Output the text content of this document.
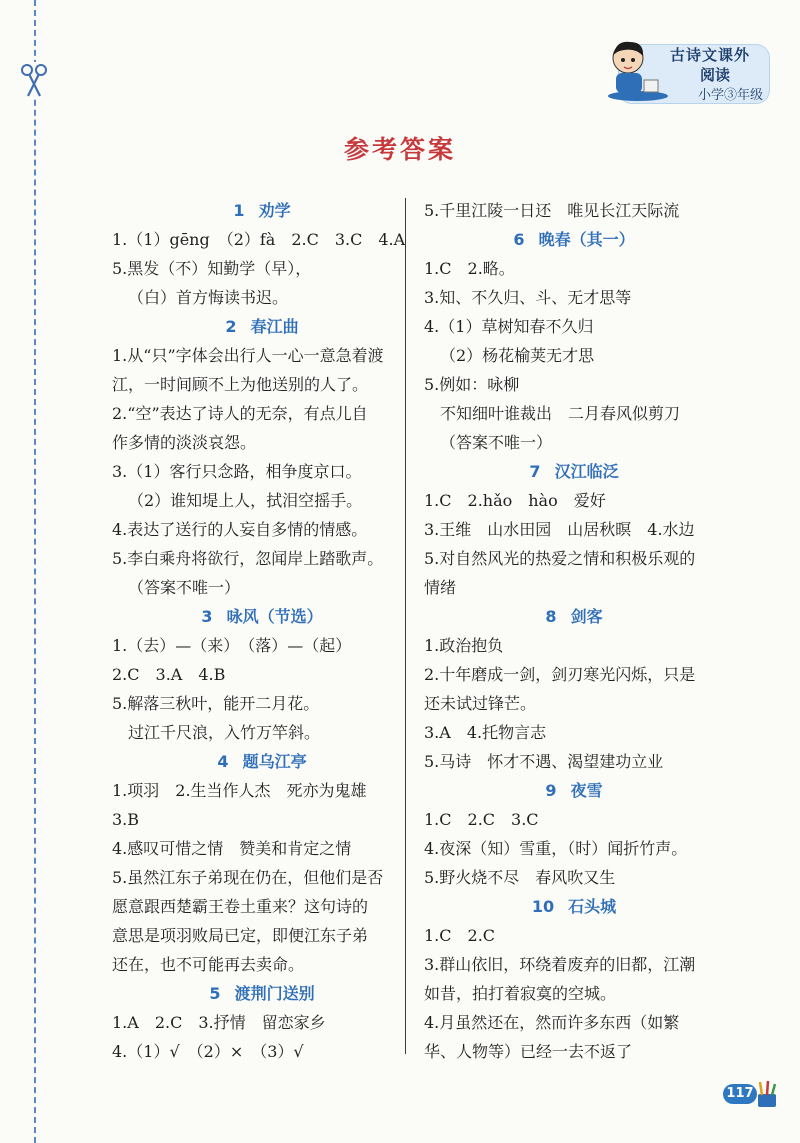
古诗文课外
阅读
小学③年级
参考答案
1 劝学
1.（1）gēng　（2）fà　2.C　3.C　4.A
5.黑发（不）知勤学（早），
（白）首方悔读书迟。
2 春江曲
1.从“只”字体会出行人一心一意急着渡
江，一时间顾不上为他送别的人了。
2.“空”表达了诗人的无奈，有点儿自
作多情的淡淡哀怨。
3.（1）客行只念路，相争度京口。
（2）谁知堤上人，拭泪空摇手。
4.表达了送行的人妄自多情的情感。
5.李白乘舟将欲行，忽闻岸上踏歌声。
（答案不唯一）
3 咏风（节选）
1.（去）—（来）　（落）—（起）
2.C　3.A　4.B
5.解落三秋叶，能开二月花。
过江千尺浪，入竹万竿斜。
4 题乌江亭
1.项羽　2.生当作人杰　死亦为鬼雄
3.B
4.感叹可惜之情　赞美和肯定之情
5.虽然江东子弟现在仍在，但他们是否
愿意跟西楚霸王卷土重来？这句诗的
意思是项羽败局已定，即便江东子弟
还在，也不可能再去卖命。
5 渡荆门送别
1.A　2.C　3.抒情　留恋家乡
4.（1）√　（2）×　（3）√
5.千里江陵一日还　唯见长江天际流
6 晚春（其一）
1.C　2.略。
3.知、不久归、斗、无才思等
4.（1）草树知春不久归
（2）杨花榆荚无才思
5.例如：咏柳
不知细叶谁裁出　二月春风似剪刀
（答案不唯一）
7 汉江临泛
1.C　2.hǎo　hào　爱好
3.王维　山水田园　山居秋暝　4.水边
5.对自然风光的热爱之情和积极乐观的
情绪
8 剑客
1.政治抱负
2.十年磨成一剑，剑刃寒光闪烁，只是
还未试过锋芒。
3.A　4.托物言志
5.马诗　怀才不遇、渴望建功立业
9 夜雪
1.C　2.C　3.C
4.夜深（知）雪重，（时）闻折竹声。
5.野火烧不尽　春风吹又生
10 石头城
1.C　2.C
3.群山依旧，环绕着废弃的旧都，江潮
如昔，拍打着寂寞的空城。
4.月虽然还在，然而许多东西（如繁
华、人物等）已经一去不返了
117
